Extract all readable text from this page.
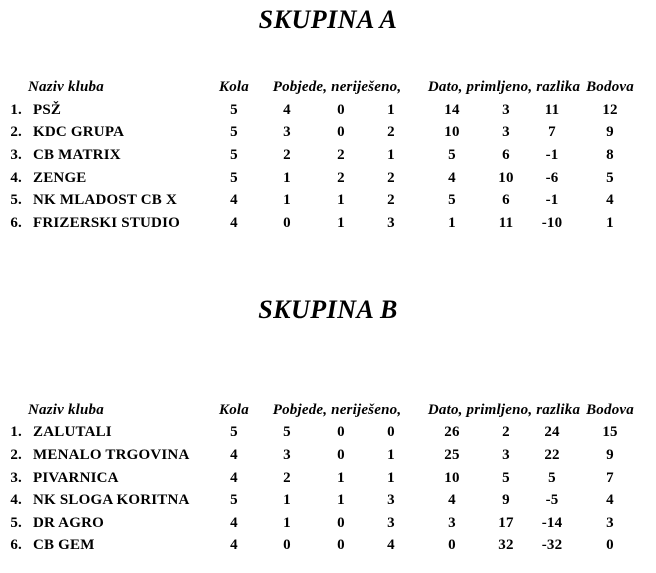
SKUPINA A
Naziv kluba		Kola	Pobjede, neriješeno,			Dato, primljeno, razlika			Bodova
1.	PSŽ	5	4	0	1	14	3	11	12
2.	KDC GRUPA	5	3	0	2	10	3	7	9
3.	CB MATRIX	5	2	2	1	5	6	-1	8
4.	ZENGE	5	1	2	2	4	10	-6	5
5.	NK MLADOST CB X	4	1	1	2	5	6	-1	4
6.	FRIZERSKI STUDIO	4	0	1	3	1	11	-10	1
SKUPINA B
Naziv kluba		Kola	Pobjede, neriješeno,			Dato, primljeno, razlika			Bodova
1.	ZALUTALI	5	5	0	0	26	2	24	15
2.	MENALO TRGOVINA	4	3	0	1	25	3	22	9
3.	PIVARNICA	4	2	1	1	10	5	5	7
4.	NK SLOGA KORITNA	5	1	1	3	4	9	-5	4
5.	DR AGRO	4	1	0	3	3	17	-14	3
6.	CB GEM	4	0	0	4	0	32	-32	0
